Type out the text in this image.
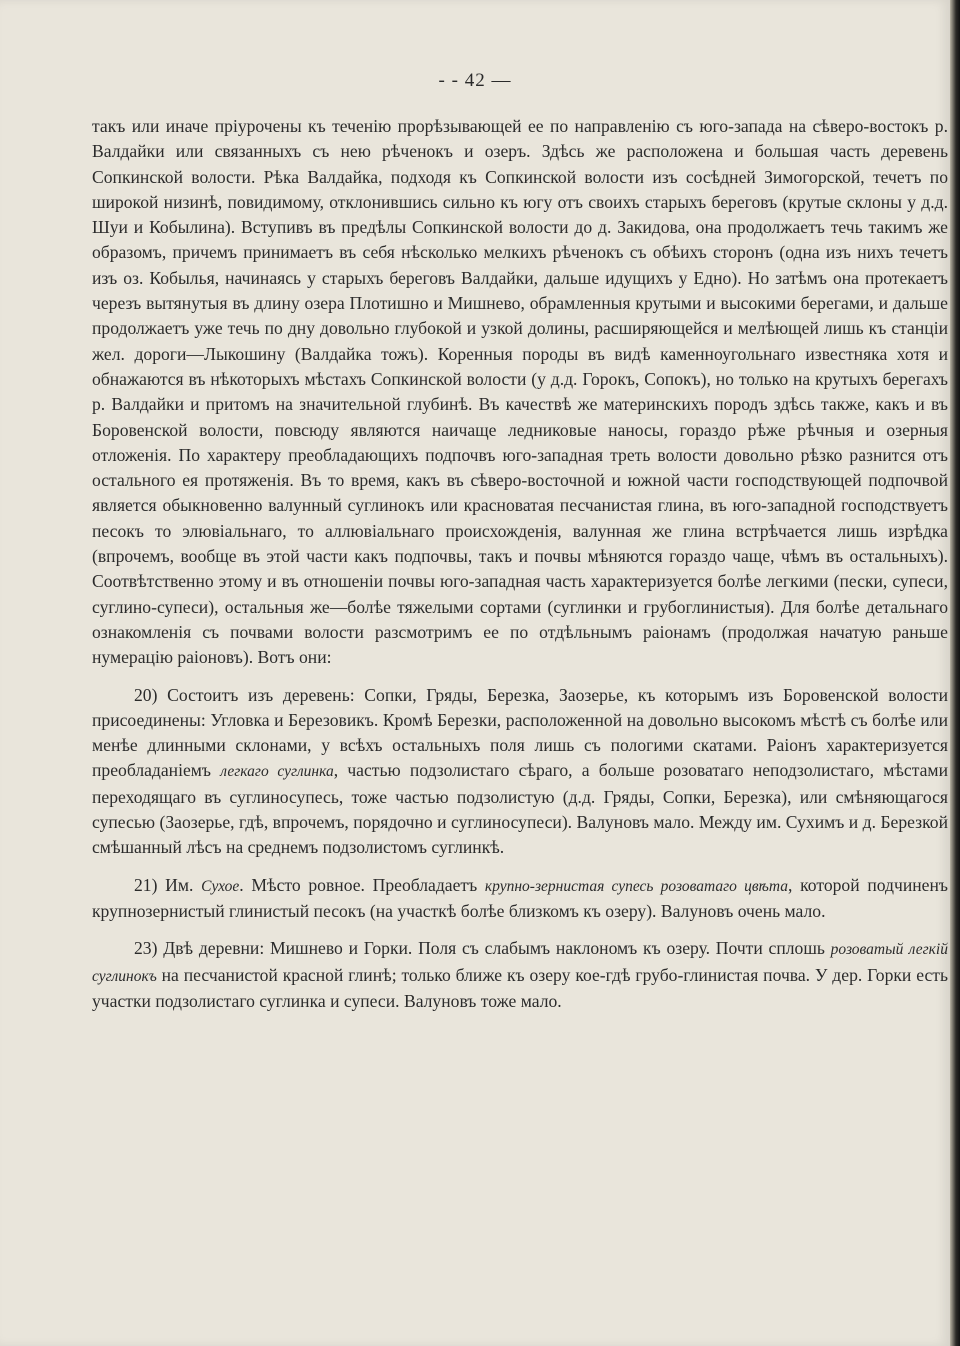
- - 42 —

такъ или иначе пріурочены къ теченію прорѣзывающей ее по направленію съ юго-запада на сѣверо-востокъ р. Валдайки или связанныхъ съ нею рѣченокъ и озеръ. Здѣсь же расположена и большая часть деревень Сопкинской волости. Рѣка Валдайка, подходя къ Сопкинской волости изъ сосѣдней Зимогорской, течетъ по широкой низинѣ, повидимому, отклонившись сильно къ югу отъ своихъ старыхъ береговъ (крутые склоны у д.д. Шуи и Кобылина). Вступивъ въ предѣлы Сопкинской волости до д. Закидова, она продолжаетъ течь такимъ же образомъ, причемъ принимаетъ въ себя нѣсколько мелкихъ рѣченокъ съ обѣихъ сторонъ (одна изъ нихъ течетъ изъ оз. Кобылья, начинаясь у старыхъ береговъ Валдайки, дальше идущихъ у Едно). Но затѣмъ она протекаетъ черезъ вытянутыя въ длину озера Плотишно и Мишнево, обрамленныя крутыми и высокими берегами, и дальше продолжаетъ уже течь по дну довольно глубокой и узкой долины, расширяющейся и мелѣющей лишь къ станціи жел. дороги—Лыкошину (Валдайка тожъ). Коренныя породы въ видѣ каменноугольнаго известняка хотя и обнажаются въ нѣкоторыхъ мѣстахъ Сопкинской волости (у д.д. Горокъ, Сопокъ), но только на крутыхъ берегахъ р. Валдайки и притомъ на значительной глубинѣ. Въ качествѣ же материнскихъ породъ здѣсь также, какъ и въ Боровенской волости, повсюду являются наичаще ледниковые наносы, гораздо рѣже рѣчныя и озерныя отложенія. По характеру преобладающихъ подпочвъ юго-западная треть волости довольно рѣзко разнится отъ остального ея протяженія. Въ то время, какъ въ сѣверо-восточной и южной части господствующей подпочвой является обыкновенно валунный суглинокъ или красноватая песчанистая глина, въ юго-западной господствуетъ песокъ то элювіальнаго, то аллювіальнаго происхожденія, валунная же глина встрѣчается лишь изрѣдка (впрочемъ, вообще въ этой части какъ подпочвы, такъ и почвы мѣняются гораздо чаще, чѣмъ въ остальныхъ). Соотвѣтственно этому и въ отношеніи почвы юго-западная часть характеризуется болѣе легкими (пески, супеси, суглино-супеси), остальныя же—болѣе тяжелыми сортами (суглинки и грубоглинистыя). Для болѣе детальнаго ознакомленія съ почвами волости разсмотримъ ее по отдѣльнымъ раіонамъ (продолжая начатую раньше нумерацію раіоновъ). Вотъ они:

20) Состоитъ изъ деревень: Сопки, Гряды, Березка, Заозерье, къ которымъ изъ Боровенской волости присоединены: Угловка и Березовикъ. Кромѣ Березки, расположенной на довольно высокомъ мѣстѣ съ болѣе или менѣе длинными склонами, у всѣхъ остальныхъ поля лишь съ пологими скатами. Раіонъ характеризуется преобладаніемъ легкаго суглинка, частью подзолистаго сѣраго, а больше розоватаго неподзолистаго, мѣстами переходящаго въ суглиносупесь, тоже частью подзолистую (д.д. Гряды, Сопки, Березка), или смѣняющагося супесью (Заозерье, гдѣ, впрочемъ, порядочно и суглиносупеси). Валуновъ мало. Между им. Сухимъ и д. Березкой смѣшанный лѣсъ на среднемъ подзолистомъ суглинкѣ.

21) Им. Сухое. Мѣсто ровное. Преобладаетъ крупно-зернистая супесь розоватаго цвѣта, которой подчиненъ крупнозернистый глинистый песокъ (на участкѣ болѣе близкомъ къ озеру). Валуновъ очень мало.

23) Двѣ деревни: Мишнево и Горки. Поля съ слабымъ наклономъ къ озеру. Почти сплошь розоватый легкій суглинокъ на песчанистой красной глинѣ; только ближе къ озеру кое-гдѣ грубо-глинистая почва. У дер. Горки есть участки подзолистаго суглинка и супеси. Валуновъ тоже мало.
